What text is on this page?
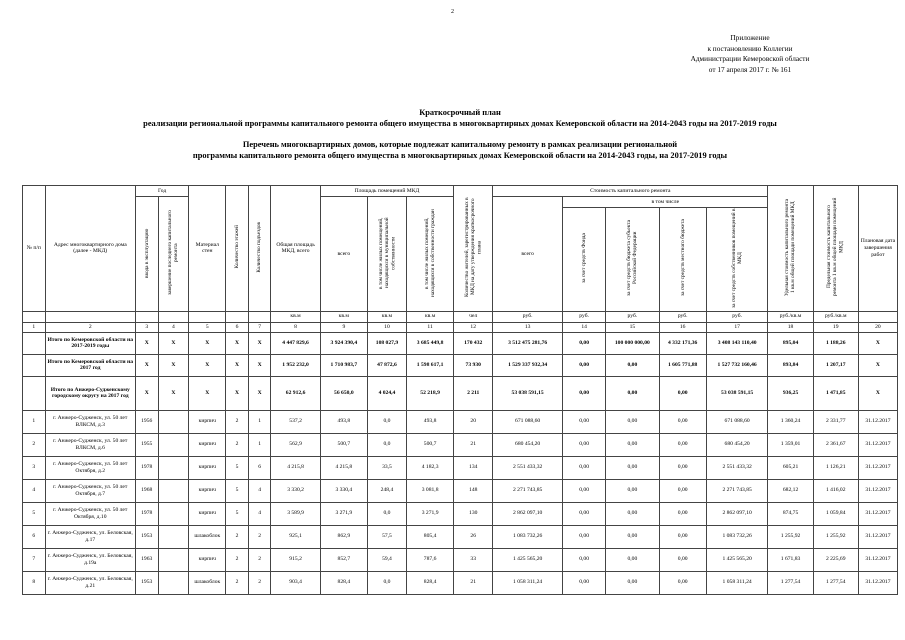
2
Приложение
к постановлению Коллегии
Администрации Кемеровской области
от 17 апреля 2017 г. № 161
Краткосрочный план
реализации региональной программы капитального ремонта общего имущества в многоквартирных домах Кемеровской области на 2014-2043 годы на 2017-2019 годы
Перечень многоквартирных домов, которые подлежат капитальному ремонту в рамках реализации региональной
программы капитального ремонта общего имущества в многоквартирных домах Кемеровской области на 2014-2043 годы, на 2017-2019 годы
№ п/п	Адрес многоквартирного дома (далее - МКД)	Год		Материал стен	Количество этажей	Количество подъездов	Общая площадь МКД, всего	Площадь помещений МКД			Количество жителей, зарегистрированных в МКД на дату утверждения краткосрочного плана	Стоимость капитального ремонта					Удельная стоимость капитального ремонта 1 кв.м общей площади помещений МКД	Предельная стоимость капитального ремонта 1 кв.м общей площади помещений МКД	Плановая дата завершения работ
		ввода в эксплуатацию	завершение последнего капитального ремонта					всего	в том числе жилых помещений, находящихся в муниципальной собственности	в том числе жилых помещений, находящихся в собственности граждан		всего	в том числе						
													за счет средств Фонда	за счет средств бюджета субъекта Российской Федерации	за счет средств местного бюджета	за счет средств собственников помещений в МКД			
							кв.м	кв.м	кв.м	кв.м	чел	руб.	руб.	руб.	руб.	руб.	руб./кв.м	руб./кв.м	
1	2	3	4	5	6	7	8	9	10	11	12	13	14	15	16	17	18	19	20
	Итого по Кемеровской области на 2017-2019 годы	X	X	X	X	X	4 447 829,6	3 924 390,4	108 027,9	3 685 449,8	170 432	3 512 475 281,76	0,00	100 000 000,00	4 332 171,36	3 408 143 110,40	895,04	1 188,26	X
	Итого по Кемеровской области на 2017 год	X	X	X	X	X	1 952 232,0	1 710 983,7	47 872,6	1 598 617,1	73 930	1 529 337 932,34	0,00	0,00	1 605 771,88	1 527 732 160,46	893,84	1 207,17	X
	Итого по Анжеро-Судженскому городскому округу на 2017 год	X	X	X	X	X	62 912,6	56 650,0	4 024,4	52 218,9	2 211	53 038 591,15	0,00	0,00	0,00	53 038 591,15	936,25	1 471,85	X
1	г. Анжеро-Судженск, ул. 50 лет ВЛКСМ, д.3	1956		кирпич	2	1	537,2	493,8	0,0	493,8	20	671 088,60	0,00	0,00	0,00	671 088,60	1 360,24	2 331,77	31.12.2017
2	г. Анжеро-Судженск, ул. 50 лет ВЛКСМ, д.6	1955		кирпич	2	1	562,9	500,7	0,0	500,7	21	680 454,20	0,00	0,00	0,00	680 454,20	1 359,01	2 361,67	31.12.2017
3	г. Анжеро-Судженск, ул. 50 лет Октября, д.2	1978		кирпич	5	6	4 215,8	4 215,8	33,5	4 182,3	134	2 551 433,32	0,00	0,00	0,00	2 551 433,32	605,21	1 126,21	31.12.2017
4	г. Анжеро-Судженск, ул. 50 лет Октября, д.7	1968		кирпич	5	4	3 330,2	3 330,4	248,4	3 081,8	148	2 271 743,85	0,00	0,00	0,00	2 271 743,85	682,12	1 416,02	31.12.2017
5	г. Анжеро-Судженск, ул. 50 лет Октября, д.10	1978		кирпич	5	4	3 589,9	3 271,9	0,0	3 271,9	130	2 862 097,10	0,00	0,00	0,00	2 862 097,10	874,75	1 059,84	31.12.2017
6	г. Анжеро-Судженск, ул. Беловская, д.17	1953		шлакоблок	2	2	925,1	862,9	57,5	805,4	26	1 083 732,26	0,00	0,00	0,00	1 083 732,26	1 255,92	1 255,92	31.12.2017
7	г. Анжеро-Судженск, ул. Беловская, д.19а	1963		кирпич	2	2	915,2	852,7	59,4	787,6	33	1 425 565,20	0,00	0,00	0,00	1 425 565,20	1 671,83	2 225,69	31.12.2017
8	г. Анжеро-Судженск, ул. Беловская, д.21	1953		шлакоблок	2	2	903,4	828,4	0,0	828,4	21	1 058 311,24	0,00	0,00	0,00	1 058 311,24	1 277,54	1 277,54	31.12.2017
